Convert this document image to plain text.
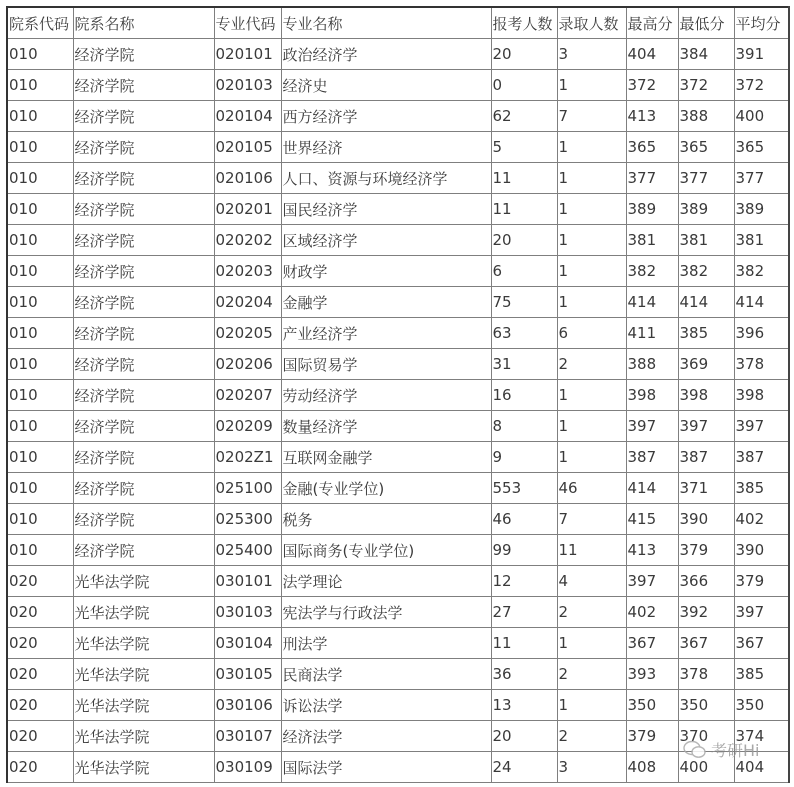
院系代码	院系名称	专业代码	专业名称	报考人数	录取人数	最高分	最低分	平均分
010	经济学院	020101	政治经济学	20	3	404	384	391
010	经济学院	020103	经济史	0	1	372	372	372
010	经济学院	020104	西方经济学	62	7	413	388	400
010	经济学院	020105	世界经济	5	1	365	365	365
010	经济学院	020106	人口、资源与环境经济学	11	1	377	377	377
010	经济学院	020201	国民经济学	11	1	389	389	389
010	经济学院	020202	区域经济学	20	1	381	381	381
010	经济学院	020203	财政学	6	1	382	382	382
010	经济学院	020204	金融学	75	1	414	414	414
010	经济学院	020205	产业经济学	63	6	411	385	396
010	经济学院	020206	国际贸易学	31	2	388	369	378
010	经济学院	020207	劳动经济学	16	1	398	398	398
010	经济学院	020209	数量经济学	8	1	397	397	397
010	经济学院	0202Z1	互联网金融学	9	1	387	387	387
010	经济学院	025100	金融(专业学位)	553	46	414	371	385
010	经济学院	025300	税务	46	7	415	390	402
010	经济学院	025400	国际商务(专业学位)	99	11	413	379	390
020	光华法学院	030101	法学理论	12	4	397	366	379
020	光华法学院	030103	宪法学与行政法学	27	2	402	392	397
020	光华法学院	030104	刑法学	11	1	367	367	367
020	光华法学院	030105	民商法学	36	2	393	378	385
020	光华法学院	030106	诉讼法学	13	1	350	350	350
020	光华法学院	030107	经济法学	20	2	379	370	374
020	光华法学院	030109	国际法学	24	3	408	400	404
考研Hi
